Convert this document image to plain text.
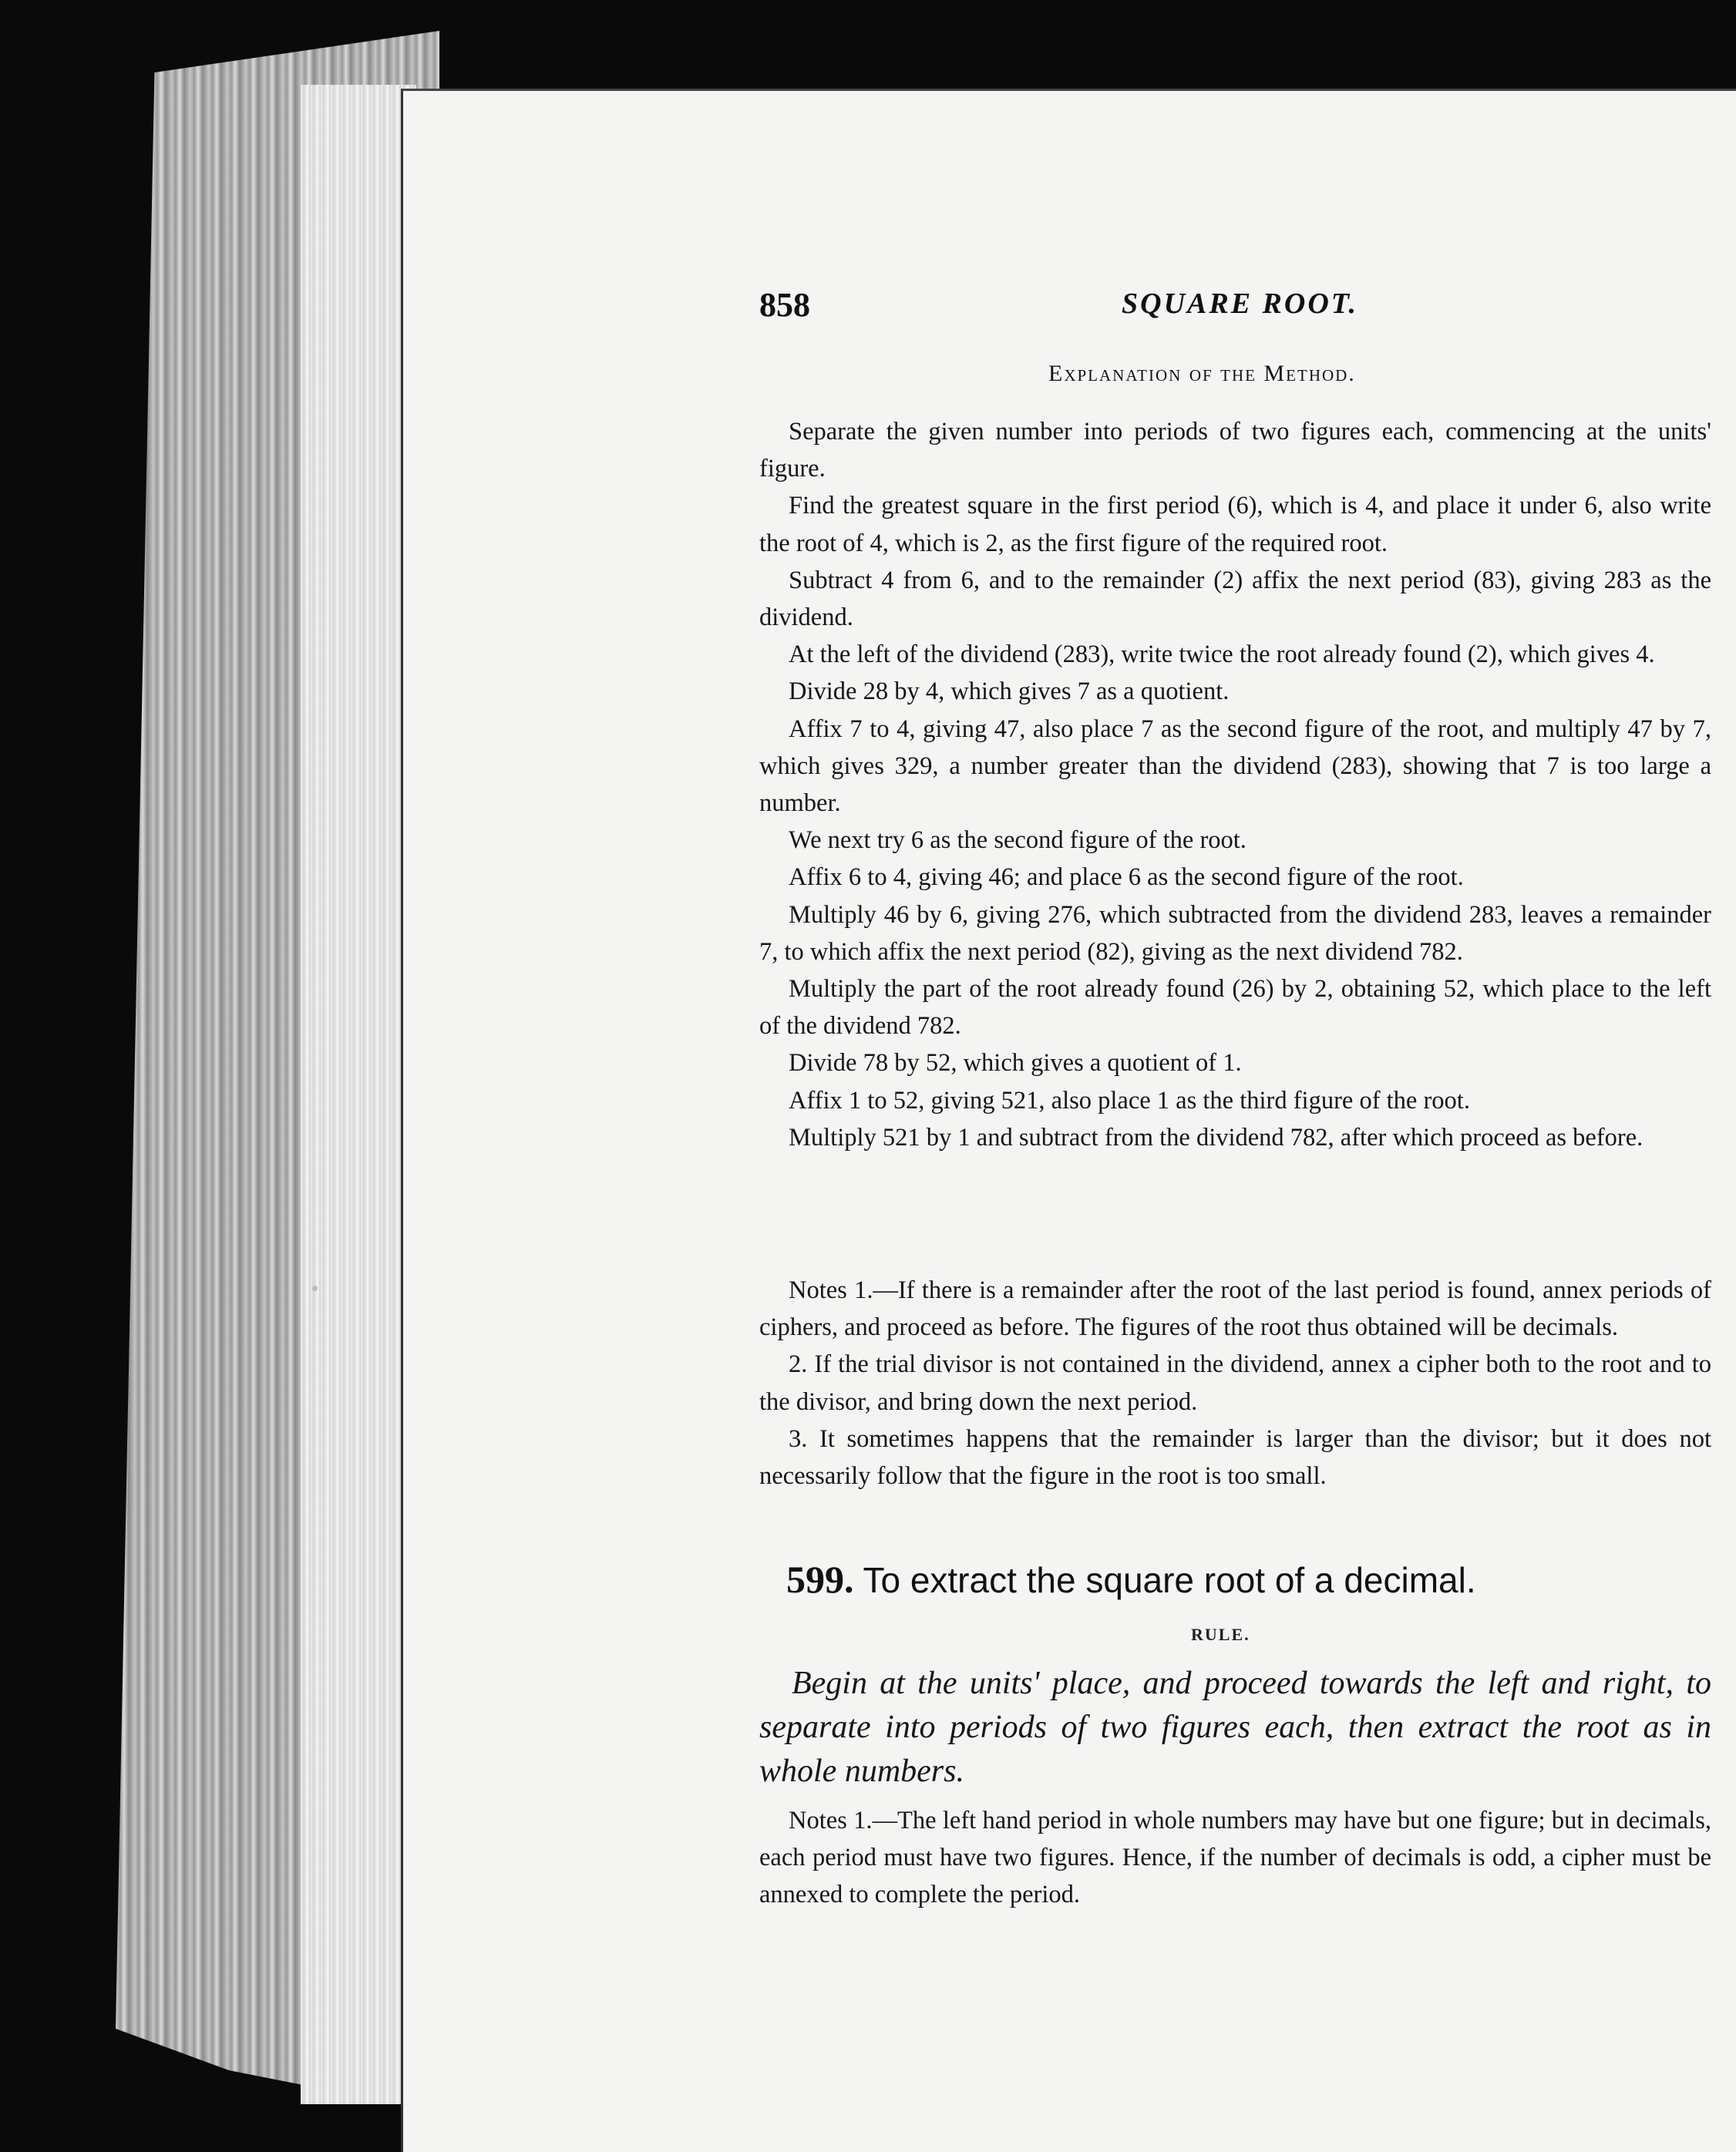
858	SQUARE ROOT.
Explanation of the Method.

Separate the given number into periods of two figures each, commencing at the units' figure.

Find the greatest square in the first period (6), which is 4, and place it under 6, also write the root of 4, which is 2, as the first figure of the required root.

Subtract 4 from 6, and to the remainder (2) affix the next period (83), giving 283 as the dividend.

At the left of the dividend (283), write twice the root already found (2), which gives 4.

Divide 28 by 4, which gives 7 as a quotient.

Affix 7 to 4, giving 47, also place 7 as the second figure of the root, and multiply 47 by 7, which gives 329, a number greater than the dividend (283), showing that 7 is too large a number.

We next try 6 as the second figure of the root.

Affix 6 to 4, giving 46; and place 6 as the second figure of the root.

Multiply 46 by 6, giving 276, which subtracted from the dividend 283, leaves a remainder 7, to which affix the next period (82), giving as the next dividend 782.

Multiply the part of the root already found (26) by 2, obtaining 52, which place to the left of the dividend 782.

Divide 78 by 52, which gives a quotient of 1.

Affix 1 to 52, giving 521, also place 1 as the third figure of the root.

Multiply 521 by 1 and subtract from the dividend 782, after which proceed as before.

Notes 1.—If there is a remainder after the root of the last period is found, annex periods of ciphers, and proceed as before. The figures of the root thus obtained will be decimals.

2. If the trial divisor is not contained in the dividend, annex a cipher both to the root and to the divisor, and bring down the next period.

3. It sometimes happens that the remainder is larger than the divisor; but it does not necessarily follow that the figure in the root is too small.

599. To extract the square root of a decimal.
RULE.
Begin at the units' place, and proceed towards the left and right, to separate into periods of two figures each, then extract the root as in whole numbers.
Notes 1.—The left hand period in whole numbers may have but one figure; but in decimals, each period must have two figures. Hence, if the number of decimals is odd, a cipher must be annexed to complete the period.
